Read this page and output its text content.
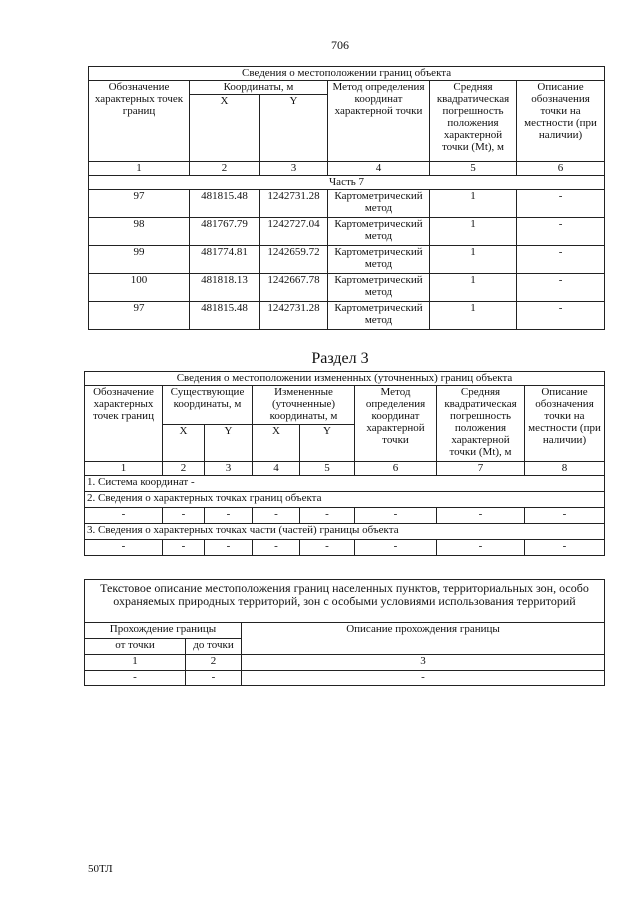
706
Сведения о местоположении границ объекта					
Обозначение характерных точек границ	Координаты, м		Метод определения координат характерной точки	Средняя квадратическая погрешность положения характерной точки (Mt), м	Описание обозначения точки на местности (при наличии)
	X	Y			
1	2	3	4	5	6
Часть 7					
97	481815.48	1242731.28	Картометрический метод	1	-
98	481767.79	1242727.04	Картометрический метод	1	-
99	481774.81	1242659.72	Картометрический метод	1	-
100	481818.13	1242667.78	Картометрический метод	1	-
97	481815.48	1242731.28	Картометрический метод	1	-
Раздел 3
Сведения о местоположении измененных (уточненных) границ объекта							
Обозначение характерных точек границ	Существующие координаты, м		Измененные (уточненные) координаты, м		Метод определения координат характерной точки	Средняя квадратическая погрешность положения характерной точки (Mt), м	Описание обозначения точки на местности (при наличии)
	X	Y	X	Y			
1	2	3	4	5	6	7	8
1. Система координат -							
2. Сведения о характерных точках границ объекта							
-	-	-	-	-	-	-	-
3. Сведения о характерных точках части (частей) границы объекта							
-	-	-	-	-	-	-	-
Текстовое описание местоположения границ населенных пунктов, территориальных зон, особо охраняемых природных территорий, зон с особыми условиями использования территорий		
Прохождение границы		Описание прохождения границы
от точки	до точки	
1	2	3
-	-	-
50ТЛ
